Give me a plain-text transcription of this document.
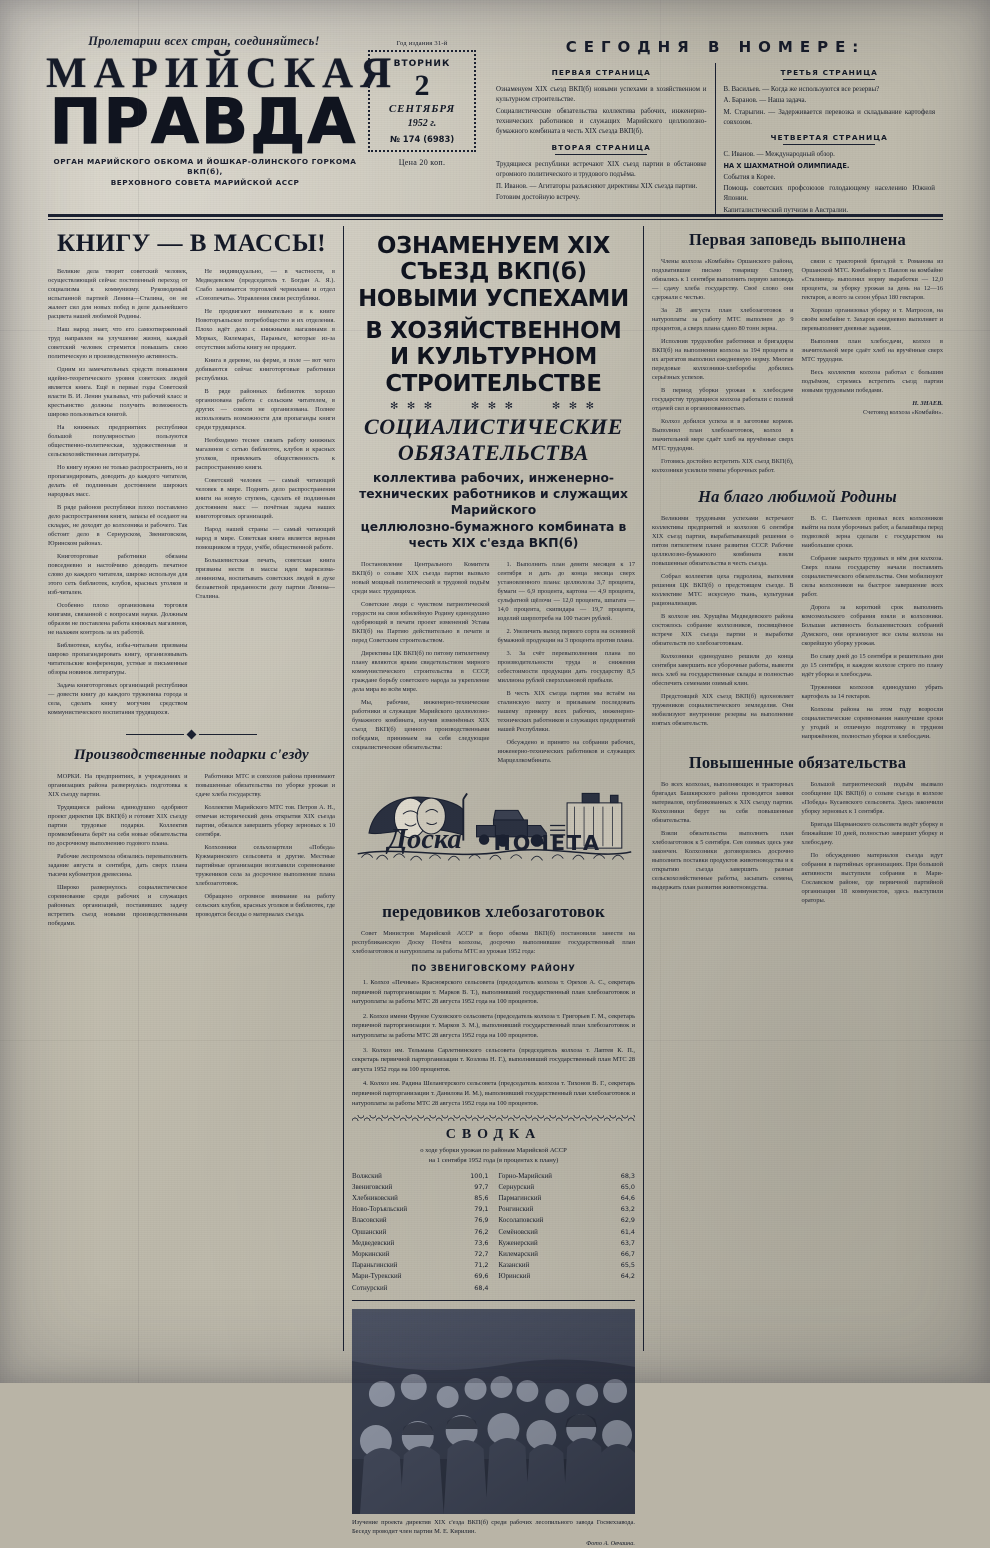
Пролетарии всех стран, соединяйтесь!
МАРИЙСКАЯ
ПРАВДА
ОРГАН МАРИЙСКОГО ОБКОМА И ЙОШКАР-ОЛИНСКОГО ГОРКОМА ВКП(б),
ВЕРХОВНОГО СОВЕТА МАРИЙСКОЙ АССР
Год издания 31-й
ВТОРНИК
2
СЕНТЯБРЯ
1952 г.
№ 174 (6983)
Цена 20 коп.
СЕГОДНЯ В НОМЕРЕ:
ПЕРВАЯ СТРАНИЦА
Ознаменуем XIX съезд ВКП(б) новыми успехами в хозяйственном и культурном строительстве.
Социалистические обязательства коллектива рабочих, инженерно-технических работников и служащих Марийского целлюлозно-бумажного комбината в честь XIX съезда ВКП(б).
ВТОРАЯ СТРАНИЦА
Трудящиеся республики встречают XIX съезд партии в обстановке огромного политического и трудового подъёма.
П. Иванов. — Агитаторы разъясняют директивы XIX съезда партии.
Готовим достойную встречу.
ТРЕТЬЯ СТРАНИЦА
В. Васильев. — Когда же используются все резервы?
А. Баранов. — Наша задача.
М. Старыгин. — Задерживается перевозка и складывание картофеля совхозом.
ЧЕТВЕРТАЯ СТРАНИЦА
С. Иванов. — Международный обзор.
НА X ШАХМАТНОЙ ОЛИМПИАДЕ.
События в Корее.
Помощь советских профсоюзов голодающему населению Южной Японии.
Капиталистический путчизм в Австралии.
КНИГУ — В МАССЫ!

Великие дела творит советский человек, осуществляющий сейчас постепенный переход от социализма к коммунизму. Руководимый испытанной партией Ленина—Сталина, он не жалеет сил для новых побед в деле дальнейшего расцвета нашей любимой Родины.

Наш народ знает, что его самоотверженный труд направлен на улучшение жизни, каждый советский человек стремится повышать свою политическую и производственную активность.

Одним из замечательных средств повышения идейно-теоретического уровня советских людей является книга. Ещё в первые годы Советской власти В. И. Ленин указывал, что рабочий класс и крестьянство должны получить возможность широко пользоваться книгой.

На книжных предприятиях республики большой популярностью пользуются общественно-политическая, художественная и сельскохозяйственная литература.

Но книгу нужно не только распространять, но и пропагандировать, доводить до каждого читателя, делать её подлинным достоянием широких народных масс.

В ряде районов республики плохо поставлено дело распространения книги, запасы её оседают на складах, не доходят до колхозника и рабочего. Так обстоит дело в Сернурском, Звениговском, Юринском районах.

Книготорговые работники обязаны повседневно и настойчиво доводить печатное слово до каждого читателя, широко используя для этого сеть библиотек, клубов, красных уголков и изб-читален.

Особенно плохо организована торговля книгами, связанной с вопросами науки. Должным образом не поставлена работа книжных магазинов, не налажен контроль за их работой.

Библиотеки, клубы, избы-читальни призваны широко пропагандировать книгу, организовывать читательские конференции, устные и письменные обзоры новинок литературы.

Задача книготорговых организаций республики — довести книгу до каждого труженика города и села, сделать книгу могучим средством коммунистического воспитания трудящихся.

Не индивидуально, — в частности, в Медведевском (председатель т. Богдан А. Я.). Слабо занимается торговлей чернилами и отдел «Союзпечать». Управления связи республики.

Не продвигают внимательно и к книге Новоторъяльское потребобщество и их отделения. Плохо идёт дело с книжными магазинами в Морках, Килемарах, Параньге, которые из-за отсутствия заботы книгу не продают.

Книга в деревне, на ферме, в поле — вот чего добиваются сейчас книготорговые работники республики.

В ряде районных библиотек хорошо организована работа с сельским читателем, в других — совсем не организована. Полнее использовать возможности для пропаганды книги среди трудящихся.

Необходимо теснее связать работу книжных магазинов с сетью библиотек, клубов и красных уголков, привлекать общественность к распространению книги.

Советский человек — самый читающий человек в мире. Поднять дело распространения книги на новую ступень, сделать её подлинным достоянием масс — почётная задача наших книготорговых организаций.

Народ нашей страны — самый читающий народ в мире. Советская книга является верным помощником в труде, учёбе, общественной работе.

Большевистская печать, советская книга призваны нести в массы идеи марксизма-ленинизма, воспитывать советских людей в духе беззаветной преданности делу партии Ленина—Сталина.

Производственные подарки с'езду

МОРКИ. На предприятиях, в учреждениях и организациях района развернулась подготовка к XIX съезду партии.

Трудящиеся района единодушно одобряют проект директив ЦК ВКП(б) и готовят XIX съезду партии трудовые подарки. Коллектив промкомбината берёт на себя новые обязательства по досрочному выполнению годового плана.

Рабочие леспромхоза обязались перевыполнить задание августа и сентября, дать сверх плана тысячи кубометров древесины.

Широко развернулось социалистическое соревнование среди рабочих и служащих районных организаций, поставивших задачу встретить съезд новыми производственными победами.

Работники МТС и совхозов района принимают повышенные обязательства по уборке урожая и сдаче хлеба государству.

Коллектив Марийского МТС тов. Петров А. Н., отмечая исторический день открытия XIX съезда партии, обязался завершить уборку зерновых к 10 сентября.

Колхозники сельхозартели «Победа» Кужмаринского сельсовета и другие. Местные партийные организации возглавили соревнование тружеников села за досрочное выполнение плана хлебозаготовок.

Обращено огромное внимание на работу сельских клубов, красных уголков и библиотек, где проводятся беседы о материалах съезда.

ОЗНАМЕНУЕМ XIX СЪЕЗД ВКП(б) НОВЫМИ УСПЕХАМИ
В ХОЗЯЙСТВЕННОМ И КУЛЬТУРНОМ СТРОИТЕЛЬСТВЕ
✻ ✻ ✻	✻ ✻ ✻	✻ ✻ ✻
СОЦИАЛИСТИЧЕСКИЕ ОБЯЗАТЕЛЬСТВА
коллектива рабочих, инженерно-технических работников и служащих Марийского
целлюлозно-бумажного комбината в честь XIX с'езда ВКП(б)

Постановление Центрального Комитета ВКП(б) о созыве XIX съезда партии вызвало новый мощный политический и трудовой подъём среди масс трудящихся.

Советские люди с чувством патриотической гордости на свои юбилейную Родину единодушно одобряющий в печати проект изменений Устава ВКП(б) на Партию действительно в печати и перед Советским строительством.

Директивы ЦК ВКП(б) по пятому пятилетнему плану являются ярким свидетельством мирного коммунистического строительства в СССР, граждане борьбу советского народа за укрепление дела мира во всём мире.

Мы, рабочие, инженерно-технические работники и служащие Марийского целлюлозно-бумажного комбината, изучив изменённых XIX съезд ВКП(б) ценного производственными победами, принимаем на себя следующие социалистические обязательства:

1. Выполнить план девяти месяцев к 17 сентября и дать до конца месяца сверх установленного плана: целлюлозы 3,7 процента, бумаги — 6,9 процента, картона — 4,9 процента, сульфатной щёлочи — 12,0 процента, шпагата — 14,0 процента, скипидара — 19,7 процента, изделий ширпотреба на 100 тысяч рублей.

2. Увеличить выход первого сорта на основной бумажной продукции на 3 процента против плана.

3. За счёт перевыполнения плана по производительности труда и снижения себестоимости продукции дать государству 8,5 миллиона рублей сверхплановой прибыли.

В честь XIX съезда партии мы встаём на сталинскую вахту и призываем последовать нашему примеру всех рабочих, инженерно-технических работников и служащих предприятий нашей Республики.

Обсуждено и принято на собрании рабочих, инженерно-технических работников и служащих Марцеллкомбината.

Доска ПОЧЕТА
передовиков хлебозаготовок

Совет Министров Марийской АССР и бюро обкома ВКП(б) постановили занести на республиканскую Доску Почёта колхозы, досрочно выполнившие государственный план хлебозаготовок и натуроплаты за работы МТС из урожая 1952 года:

ПО ЗВЕНИГОВСКОМУ РАЙОНУ

1. Колхоз «Печные» Красноярского сельсовета (председатель колхоза т. Орехов А. С., секретарь первичной парторганизации т. Марков В. Т.), выполнивший государственный план хлебозаготовок и натуроплаты за работы МТС 28 августа 1952 года на 100 процентов.

2. Колхоз имени Фрунзе Суховского сельсовета (председатель колхоза т. Григорьев Г. М., секретарь первичной парторганизации т. Марков З. М.), выполнивший государственный план хлебозаготовок и натуроплаты за работы МТС 28 августа 1952 года на 100 процентов.

3. Колхоз им. Тельмана Сарлетнинского сельсовета (председатель колхоза т. Лаптев К. П., секретарь первичной парторганизации т. Козлова Н. Г.), выполнивший государственный план МТС 28 августа 1952 года на 100 процентов.

4. Колхоз им. Радина Шелангерского сельсовета (председатель колхоза т. Тихонов В. Г., секретарь первичной парторганизации т. Данилова И. М.), выполнивший государственный план хлебозаготовок и натуроплаты за работы МТС 28 августа 1952 года на 100 процентов.

СВОДКА
о ходе уборки урожая по районам Марийской АССР
на 1 сентября 1952 года (в процентах к плану)
Волжский	100,1
Звениговский	97,7
Хлебниковский	85,6
Ново-Торъяльский	79,1
Власовский	76,9
Оршанский	76,2
Медведевский	73,6
Моркинский	72,7
Параньгинский	71,2
Мари-Турекский	69,6
Сотнурский	68,4
Горно-Марийский	68,3
Сернурский	65,0
Пармагинский	64,6
Ронгинский	63,2
Косолаповский	62,9
Семёновский	61,4
Куженерский	63,7
Килемарский	66,7
Казанский	65,5
Юринский	64,2
Изучение проекта директив XIX с'езда ВКП(б) среди рабочих лесопильного завода Госмехзавода. Беседу проводит член партии М. Е. Кирилин.
Фото А. Овчаина.
Первая заповедь выполнена

Члены колхоза «Комбайн» Оршанского района, подхватившие письмо товарищу Сталину, обязались к 1 сентября выполнить первую заповедь — сдачу хлеба государству. Своё слово они сдержали с честью.

За 28 августа план хлебозаготовок и натуроплаты за работу МТС выполнен до 9 процентов, а сверх плана сдано 80 тонн зерна.

Исполнив трудолюбие работники и бригадиры ВКП(б) на выполнении колхоза за 194 процента и их агрегатов выполнил ежедневную норму. Многие передовые колхозники-хлеборобы добились серьёзных успехов.

В период уборки урожая к хлебосдаче государству трудящиеся колхоза работали с полной отдачей сил и организованностью.

Колхоз добился успеха и в заготовке кормов. Выполнил план хлебозаготовок, колхоз в значительной мере сдаёт хлеб на вручённые сверх МТС трудодни.

Готовясь достойно встретить XIX съезд ВКП(б), колхозники усилили темпы уборочных работ.

связи с тракторной бригадой т. Романова из Оршанской МТС. Комбайнер т. Павлов на комбайне «Сталинец» выполнил норму выработки — 12,0 процента, за уборку урожая за день на 12—16 гектаров, а всего за сезон убрал 180 гектаров.

Хорошо организовал уборку и т. Матросов, на своём комбайне т. Захаров ежедневно выполняет и перевыполняет дневные задания.

Выполнив план хлебосдачи, колхоз в значительной мере сдаёт хлеб на вручённые сверх МТС трудодни.

Весь коллектив колхоза работал с большим подъёмом, стремясь встретить съезд партии новыми трудовыми победами.

Н. ЗНАЕВ.
Счетовод колхоза «Комбайн».
На благо любимой Родины

Великими трудовыми успехами встречают коллективы предприятий и колхозов 6 сентября XIX съезд партии, вырабатывающий решения о пятом пятилетнем плане развития СССР. Рабочие целлюлозно-бумажного комбината взяли повышенные обязательства в честь съезда.

Собрал коллектив цеха гидролиза, выполняя решения ЦК ВКП(б) о предстоящем съезде. В коллективе МТС искусную ткань, культурная рационализация.

В колхозе им. Хрущёва Медведевского района состоялось собрание колхозников, посвящённое встрече XIX съезда партии и выработке обязательств по хлебозаготовкам.

Колхозники единодушно решили до конца сентября завершить все уборочные работы, вывезти весь хлеб на государственные склады и полностью обеспечить семенами озимый клин.

Предстоящий XIX съезд ВКП(б) вдохновляет тружеников социалистического земледелия. Они мобилизуют внутренние резервы на выполнение взятых обязательств.

В. С. Пантелеев призвал всех колхозников выйти на поля уборочных работ, а балашёвцы перед подвозкой зерна сделали с государством на наибольшие сроки.

Собрание закрыто трудовых в нём дня колхоза. Сверх плана государству начали поставлять социалистического обязательства. Они мобилизуют силы колхозников на быстрое завершение всех работ.

Дорога за короткий срок выполнить комсомольского собрания взяли и колхозники. Большая активность большевистских собраний Думского, они организуют все силы колхоза на скорейшую уборку урожая.

Во славу дней до 15 сентября и решительно дни до 15 сентября, в каждом колхозе строго по плану идёт уборка и хлебосдача.

Труженики колхозов единодушно убрать картофель за 14 гектаров.

Колхозы района на этом году возросли социалистические соревнования наилучшие сроки у угодий и отличную подготовку в трудном напряжённом, полностью уборки и хлебосдачи.

Повышенные обязательства

Во всех колхозах, выполняющих в тракторных бригадах Башкирского района проводятся заявки материалов, опубликованных к XIX съезду партии. Колхозники берут на себя повышенные обязательства.

Взяли обязательства выполнить план хлебозаготовок к 5 сентября. Сев озимых здесь уже закончен. Колхозники договорились досрочно выполнить поставки продуктов животноводства и к открытию съезда завершить разные сельскохозяйственные работы, засыпать семена, выдержать план развития животноводства.

Большой патриотический подъём вызвало сообщение ЦК ВКП(б) о созыве съезда в колхозе «Победа» Кусаевского сельсовета. Здесь закончили уборку зерновых к 1 сентября.

Бригада Шарманского сельсовета ведёт уборку в ближайшие 10 дней, полностью завершит уборку и хлебосдачу.

По обсуждению материалов съезда идут собрания в партийных организациях. При большой активности выступили собрания в Мари-Сославском районе, где первичной партийной организации 18 коммунистов, здесь выступили ораторы.
